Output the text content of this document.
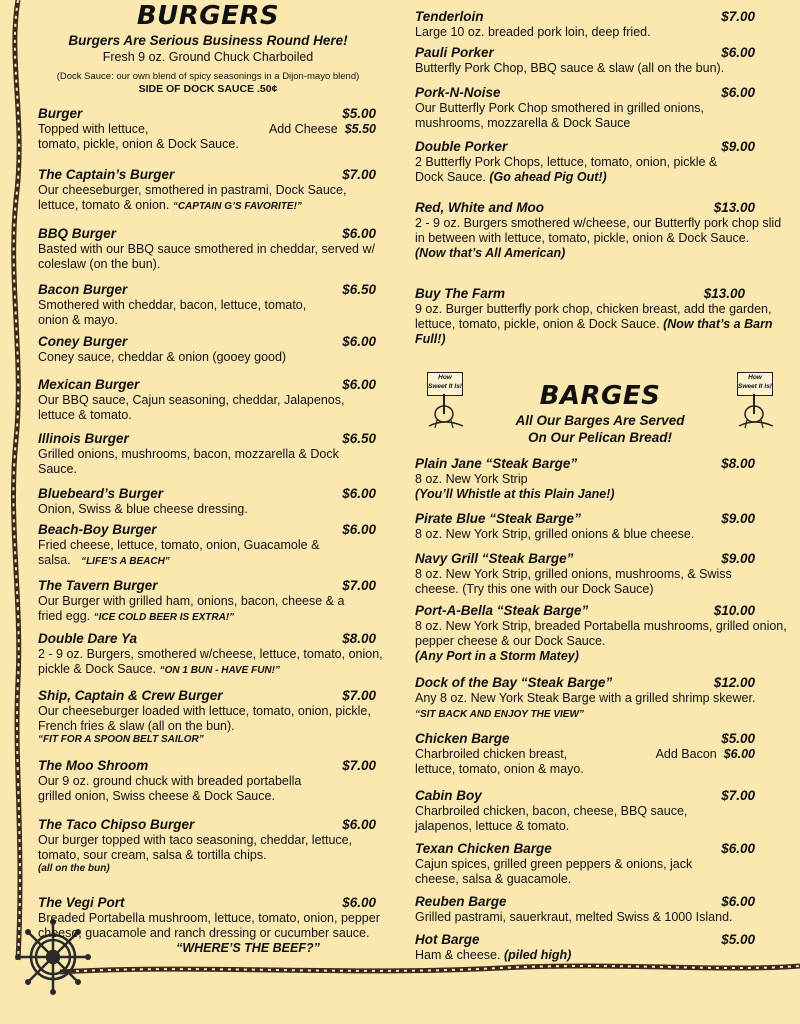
BURGERS
Burgers Are Serious Business Round Here!
Fresh 9 oz. Ground Chuck Charboiled
(Dock Sauce: our own blend of spicy seasonings in a Dijon-mayo blend)
SIDE OF DOCK SAUCE .50¢
Burger	$5.00
Topped with lettuce,	Add Cheese $5.50
tomato, pickle, onion & Dock Sauce.
The Captain’s Burger	$7.00
Our cheeseburger, smothered in pastrami, Dock Sauce, lettuce, tomato & onion. “CAPTAIN G’S FAVORITE!”
BBQ Burger	$6.00
Basted with our BBQ sauce smothered in cheddar, served w/ coleslaw (on the bun).
Bacon Burger	$6.50
Smothered with cheddar, bacon, lettuce, tomato, onion & mayo.
Coney Burger	$6.00
Coney sauce, cheddar & onion (gooey good)
Mexican Burger	$6.00
Our BBQ sauce, Cajun seasoning, cheddar, Jalapenos, lettuce & tomato.
Illinois Burger	$6.50
Grilled onions, mushrooms, bacon, mozzarella & Dock Sauce.
Bluebeard’s Burger	$6.00
Onion, Swiss & blue cheese dressing.
Beach-Boy Burger	$6.00
Fried cheese, lettuce, tomato, onion, Guacamole & salsa. “LIFE’S A BEACH”
The Tavern Burger	$7.00
Our Burger with grilled ham, onions, bacon, cheese & a fried egg. “ICE COLD BEER IS EXTRA!”
Double Dare Ya	$8.00
2 - 9 oz. Burgers, smothered w/cheese, lettuce, tomato, onion, pickle & Dock Sauce. “ON 1 BUN - HAVE FUN!”
Ship, Captain & Crew Burger	$7.00
Our cheeseburger loaded with lettuce, tomato, onion, pickle, French fries & slaw (all on the bun).
“FIT FOR A SPOON BELT SAILOR”
The Moo Shroom	$7.00
Our 9 oz. ground chuck with breaded portabella grilled onion, Swiss cheese & Dock Sauce.
The Taco Chipso Burger	$6.00
Our burger topped with taco seasoning, cheddar, lettuce, tomato, sour cream, salsa & tortilla chips.
(all on the bun)
The Vegi Port	$6.00
Breaded Portabella mushroom, lettuce, tomato, onion, pepper cheese, guacamole and ranch dressing or cucumber sauce.
“WHERE’S THE BEEF?”
Tenderloin	$7.00
Large 10 oz. breaded pork loin, deep fried.
Pauli Porker	$6.00
Butterfly Pork Chop, BBQ sauce & slaw (all on the bun).
Pork-N-Noise	$6.00
Our Butterfly Pork Chop smothered in grilled onions, mushrooms, mozzarella & Dock Sauce
Double Porker	$9.00
2 Butterfly Pork Chops, lettuce, tomato, onion, pickle & Dock Sauce. (Go ahead Pig Out!)
Red, White and Moo	$13.00
2 - 9 oz. Burgers smothered w/cheese, our Butterfly pork chop slid in between with lettuce, tomato, pickle, onion & Dock Sauce.
(Now that’s All American)
Buy The Farm	$13.00
9 oz. Burger butterfly pork chop, chicken breast, add the garden, lettuce, tomato, pickle, onion & Dock Sauce. (Now that’s a Barn Full!)
How Sweet It Is!
How Sweet It Is!
BARGES
All Our Barges Are Served
On Our Pelican Bread!
Plain Jane “Steak Barge”	$8.00
8 oz. New York Strip
(You’ll Whistle at this Plain Jane!)
Pirate Blue “Steak Barge”	$9.00
8 oz. New York Strip, grilled onions & blue cheese.
Navy Grill “Steak Barge”	$9.00
8 oz. New York Strip, grilled onions, mushrooms, & Swiss cheese. (Try this one with our Dock Sauce)
Port-A-Bella “Steak Barge”	$10.00
8 oz. New York Strip, breaded Portabella mushrooms, grilled onion, pepper cheese & our Dock Sauce.
(Any Port in a Storm Matey)
Dock of the Bay “Steak Barge”	$12.00
Any 8 oz. New York Steak Barge with a grilled shrimp skewer. “SIT BACK AND ENJOY THE VIEW”
Chicken Barge	$5.00
Charbroiled chicken breast,	Add Bacon $6.00
lettuce, tomato, onion & mayo.
Cabin Boy	$7.00
Charbroiled chicken, bacon, cheese, BBQ sauce, jalapenos, lettuce & tomato.
Texan Chicken Barge	$6.00
Cajun spices, grilled green peppers & onions, jack cheese, salsa & guacamole.
Reuben Barge	$6.00
Grilled pastrami, sauerkraut, melted Swiss & 1000 Island.
Hot Barge	$5.00
Ham & cheese. (piled high)
